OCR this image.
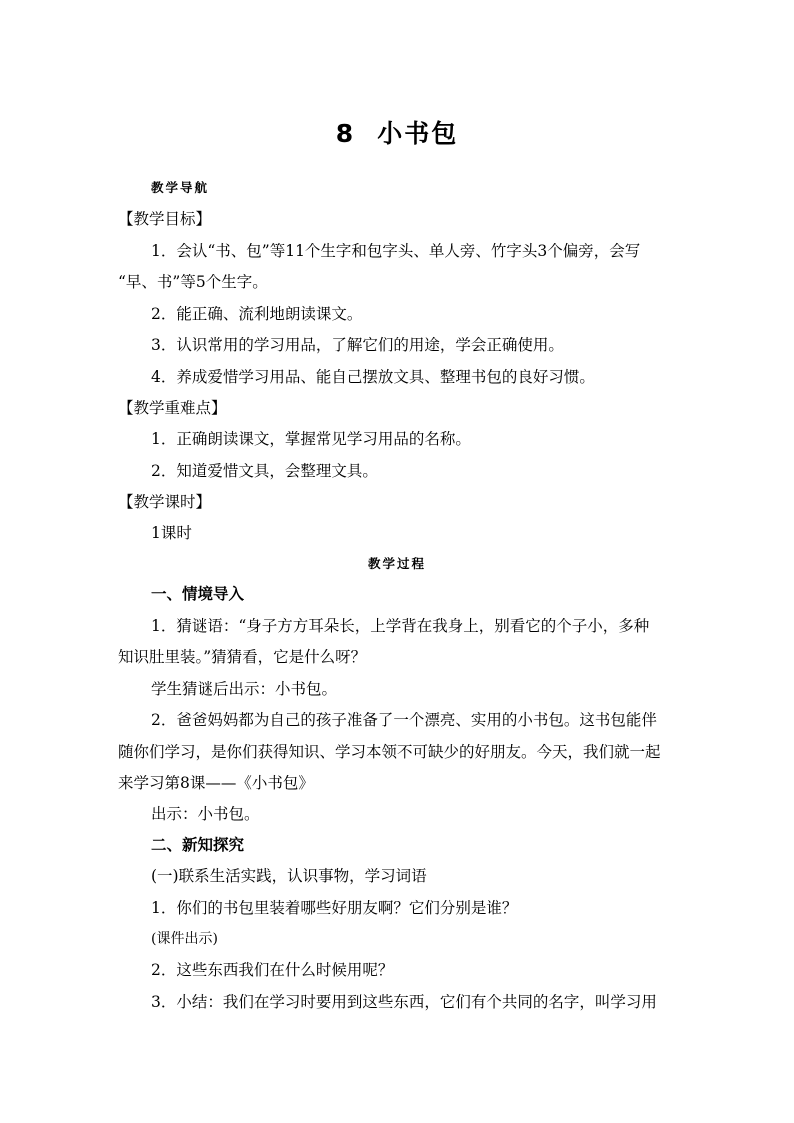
8 小书包
教学导航
【教学目标】
1．会认“书、包”等11个生字和包字头、单人旁、竹字头3个偏旁，会写
“早、书”等5个生字。
2．能正确、流利地朗读课文。
3．认识常用的学习用品，了解它们的用途，学会正确使用。
4．养成爱惜学习用品、能自己摆放文具、整理书包的良好习惯。
【教学重难点】
1．正确朗读课文，掌握常见学习用品的名称。
2．知道爱惜文具，会整理文具。
【教学课时】
1课时
教学过程
一、情境导入
1．猜谜语：“身子方方耳朵长，上学背在我身上，别看它的个子小，多种
知识肚里装。”猜猜看，它是什么呀？
学生猜谜后出示：小书包。
2．爸爸妈妈都为自己的孩子准备了一个漂亮、实用的小书包。这书包能伴
随你们学习，是你们获得知识、学习本领不可缺少的好朋友。今天，我们就一起
来学习第8课——《小书包》
出示：小书包。
二、新知探究
(一)联系生活实践，认识事物，学习词语
1．你们的书包里装着哪些好朋友啊？它们分别是谁？
(课件出示)
2．这些东西我们在什么时候用呢？
3．小结：我们在学习时要用到这些东西，它们有个共同的名字，叫学习用
